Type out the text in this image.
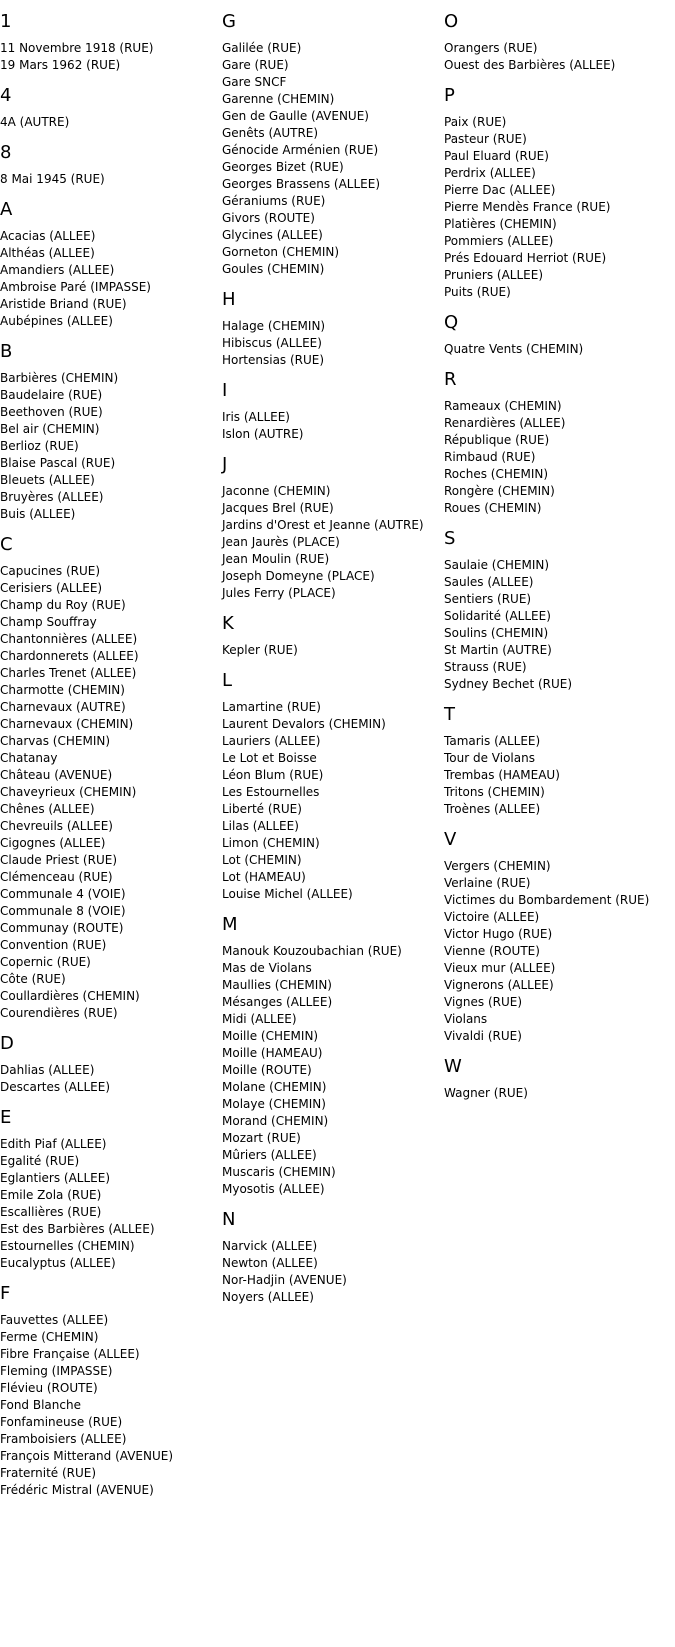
1
11 Novembre 1918 (RUE)
19 Mars 1962 (RUE)
4
4A (AUTRE)
8
8 Mai 1945 (RUE)
A
Acacias (ALLEE)
Althéas (ALLEE)
Amandiers (ALLEE)
Ambroise Paré (IMPASSE)
Aristide Briand (RUE)
Aubépines (ALLEE)
B
Barbières (CHEMIN)
Baudelaire (RUE)
Beethoven (RUE)
Bel air (CHEMIN)
Berlioz (RUE)
Blaise Pascal (RUE)
Bleuets (ALLEE)
Bruyères (ALLEE)
Buis (ALLEE)
C
Capucines (RUE)
Cerisiers (ALLEE)
Champ du Roy (RUE)
Champ Souffray
Chantonnières (ALLEE)
Chardonnerets (ALLEE)
Charles Trenet (ALLEE)
Charmotte (CHEMIN)
Charnevaux (AUTRE)
Charnevaux (CHEMIN)
Charvas (CHEMIN)
Chatanay
Château (AVENUE)
Chaveyrieux (CHEMIN)
Chênes (ALLEE)
Chevreuils (ALLEE)
Cigognes (ALLEE)
Claude Priest (RUE)
Clémenceau (RUE)
Communale 4 (VOIE)
Communale 8 (VOIE)
Communay (ROUTE)
Convention (RUE)
Copernic (RUE)
Côte (RUE)
Coullardières (CHEMIN)
Courendières (RUE)
D
Dahlias (ALLEE)
Descartes (ALLEE)
E
Edith Piaf (ALLEE)
Egalité (RUE)
Eglantiers (ALLEE)
Emile Zola (RUE)
Escallières (RUE)
Est des Barbières (ALLEE)
Estournelles (CHEMIN)
Eucalyptus (ALLEE)
F
Fauvettes (ALLEE)
Ferme (CHEMIN)
Fibre Française (ALLEE)
Fleming (IMPASSE)
Flévieu (ROUTE)
Fond Blanche
Fonfamineuse (RUE)
Framboisiers (ALLEE)
François Mitterand (AVENUE)
Fraternité (RUE)
Frédéric Mistral (AVENUE)
G
Galilée (RUE)
Gare (RUE)
Gare SNCF
Garenne (CHEMIN)
Gen de Gaulle (AVENUE)
Genêts (AUTRE)
Génocide Arménien (RUE)
Georges Bizet (RUE)
Georges Brassens (ALLEE)
Géraniums (RUE)
Givors (ROUTE)
Glycines (ALLEE)
Gorneton (CHEMIN)
Goules (CHEMIN)
H
Halage (CHEMIN)
Hibiscus (ALLEE)
Hortensias (RUE)
I
Iris (ALLEE)
Islon (AUTRE)
J
Jaconne (CHEMIN)
Jacques Brel (RUE)
Jardins d'Orest et Jeanne (AUTRE)
Jean Jaurès (PLACE)
Jean Moulin (RUE)
Joseph Domeyne (PLACE)
Jules Ferry (PLACE)
K
Kepler (RUE)
L
Lamartine (RUE)
Laurent Devalors (CHEMIN)
Lauriers (ALLEE)
Le Lot et Boisse
Léon Blum (RUE)
Les Estournelles
Liberté (RUE)
Lilas (ALLEE)
Limon (CHEMIN)
Lot (CHEMIN)
Lot (HAMEAU)
Louise Michel (ALLEE)
M
Manouk Kouzoubachian (RUE)
Mas de Violans
Maullies (CHEMIN)
Mésanges (ALLEE)
Midi (ALLEE)
Moille (CHEMIN)
Moille (HAMEAU)
Moille (ROUTE)
Molane (CHEMIN)
Molaye (CHEMIN)
Morand (CHEMIN)
Mozart (RUE)
Mûriers (ALLEE)
Muscaris (CHEMIN)
Myosotis (ALLEE)
N
Narvick (ALLEE)
Newton (ALLEE)
Nor-Hadjin (AVENUE)
Noyers (ALLEE)
O
Orangers (RUE)
Ouest des Barbières (ALLEE)
P
Paix (RUE)
Pasteur (RUE)
Paul Eluard (RUE)
Perdrix (ALLEE)
Pierre Dac (ALLEE)
Pierre Mendès France (RUE)
Platières (CHEMIN)
Pommiers (ALLEE)
Prés Edouard Herriot (RUE)
Pruniers (ALLEE)
Puits (RUE)
Q
Quatre Vents (CHEMIN)
R
Rameaux (CHEMIN)
Renardières (ALLEE)
République (RUE)
Rimbaud (RUE)
Roches (CHEMIN)
Rongère (CHEMIN)
Roues (CHEMIN)
S
Saulaie (CHEMIN)
Saules (ALLEE)
Sentiers (RUE)
Solidarité (ALLEE)
Soulins (CHEMIN)
St Martin (AUTRE)
Strauss (RUE)
Sydney Bechet (RUE)
T
Tamaris (ALLEE)
Tour de Violans
Trembas (HAMEAU)
Tritons (CHEMIN)
Troènes (ALLEE)
V
Vergers (CHEMIN)
Verlaine (RUE)
Victimes du Bombardement (RUE)
Victoire (ALLEE)
Victor Hugo (RUE)
Vienne (ROUTE)
Vieux mur (ALLEE)
Vignerons (ALLEE)
Vignes (RUE)
Violans
Vivaldi (RUE)
W
Wagner (RUE)
